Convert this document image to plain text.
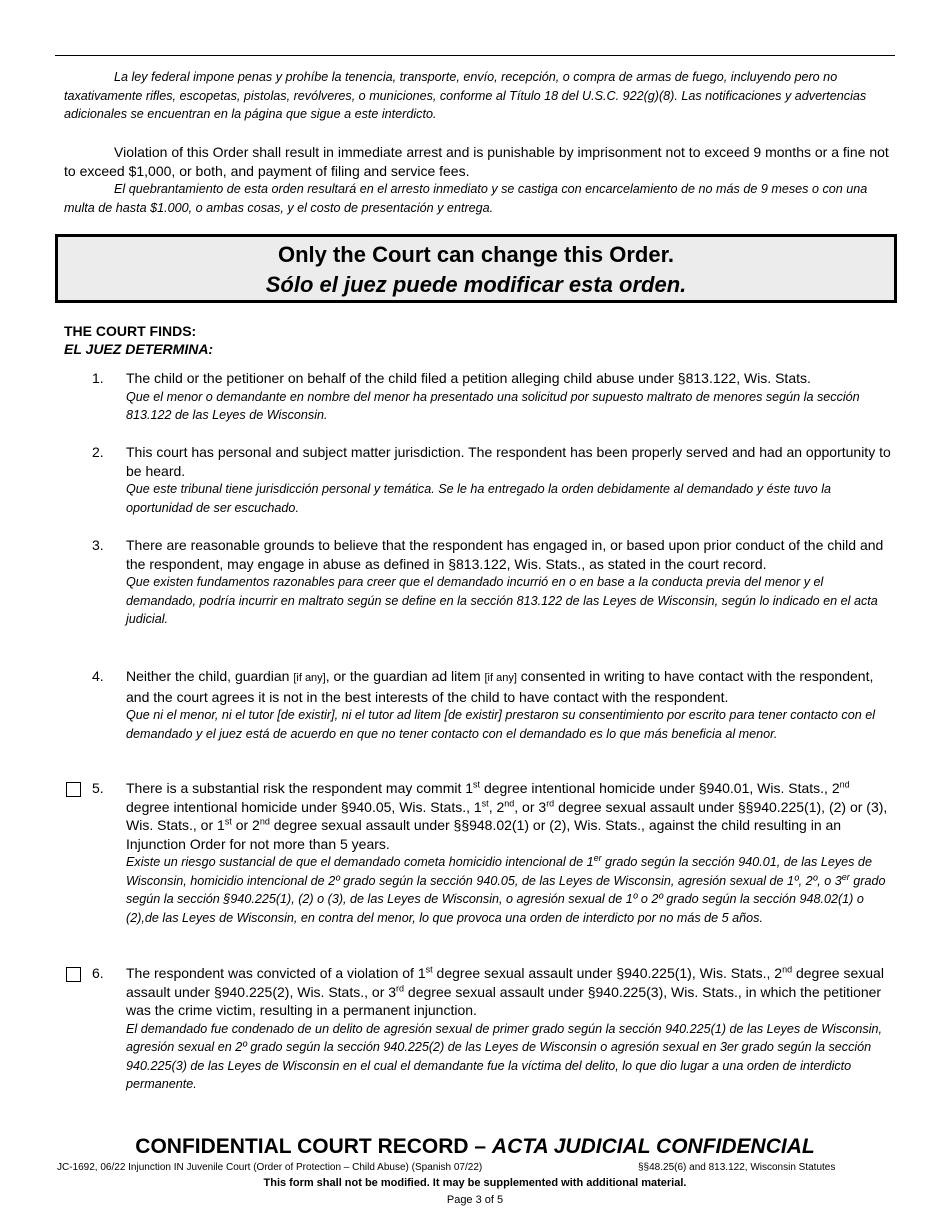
La ley federal impone penas y prohíbe la tenencia, transporte, envío, recepción, o compra de armas de fuego, incluyendo pero no taxativamente rifles, escopetas, pistolas, revólveres, o municiones, conforme al Título 18 del U.S.C. 922(g)(8). Las notificaciones y advertencias adicionales se encuentran en la página que sigue a este interdicto.
Violation of this Order shall result in immediate arrest and is punishable by imprisonment not to exceed 9 months or a fine not to exceed $1,000, or both, and payment of filing and service fees.
El quebrantamiento de esta orden resultará en el arresto inmediato y se castiga con encarcelamiento de no más de 9 meses o con una multa de hasta $1.000, o ambas cosas, y el costo de presentación y entrega.
Only the Court can change this Order.
Sólo el juez puede modificar esta orden.
THE COURT FINDS:
EL JUEZ DETERMINA:
1. The child or the petitioner on behalf of the child filed a petition alleging child abuse under §813.122, Wis. Stats.
Que el menor o demandante en nombre del menor ha presentado una solicitud por supuesto maltrato de menores según la sección 813.122 de las Leyes de Wisconsin.
2. This court has personal and subject matter jurisdiction. The respondent has been properly served and had an opportunity to be heard.
Que este tribunal tiene jurisdicción personal y temática. Se le ha entregado la orden debidamente al demandado y éste tuvo la oportunidad de ser escuchado.
3. There are reasonable grounds to believe that the respondent has engaged in, or based upon prior conduct of the child and the respondent, may engage in abuse as defined in §813.122, Wis. Stats., as stated in the court record.
Que existen fundamentos razonables para creer que el demandado incurrió en o en base a la conducta previa del menor y el demandado, podría incurrir en maltrato según se define en la sección 813.122 de las Leyes de Wisconsin, según lo indicado en el acta judicial.
4. Neither the child, guardian [if any], or the guardian ad litem [if any] consented in writing to have contact with the respondent, and the court agrees it is not in the best interests of the child to have contact with the respondent.
Que ni el menor, ni el tutor [de existir], ni el tutor ad litem [de existir] prestaron su consentimiento por escrito para tener contacto con el demandado y el juez está de acuerdo en que no tener contacto con el demandado es lo que más beneficia al menor.
5. There is a substantial risk the respondent may commit 1st degree intentional homicide under §940.01, Wis. Stats., 2nd degree intentional homicide under §940.05, Wis. Stats., 1st, 2nd, or 3rd degree sexual assault under §§940.225(1), (2) or (3), Wis. Stats., or 1st or 2nd degree sexual assault under §§948.02(1) or (2), Wis. Stats., against the child resulting in an Injunction Order for not more than 5 years.
Existe un riesgo sustancial de que el demandado cometa homicidio intencional de 1er grado según la sección 940.01, de las Leyes de Wisconsin, homicidio intencional de 2º grado según la sección 940.05, de las Leyes de Wisconsin, agresión sexual de 1º, 2º, o 3er grado según la sección §940.225(1), (2) o (3), de las Leyes de Wisconsin, o agresión sexual de 1º o 2º grado según la sección 948.02(1) o (2),de las Leyes de Wisconsin, en contra del menor, lo que provoca una orden de interdicto por no más de 5 años.
6. The respondent was convicted of a violation of 1st degree sexual assault under §940.225(1), Wis. Stats., 2nd degree sexual assault under §940.225(2), Wis. Stats., or 3rd degree sexual assault under §940.225(3), Wis. Stats., in which the petitioner was the crime victim, resulting in a permanent injunction.
El demandado fue condenado de un delito de agresión sexual de primer grado según la sección 940.225(1) de las Leyes de Wisconsin, agresión sexual en 2º grado según la sección 940.225(2) de las Leyes de Wisconsin o agresión sexual en 3er grado según la sección 940.225(3) de las Leyes de Wisconsin en el cual el demandante fue la víctima del delito, lo que dio lugar a una orden de interdicto permanente.
CONFIDENTIAL COURT RECORD – ACTA JUDICIAL CONFIDENCIAL
JC-1692, 06/22 Injunction IN Juvenile Court (Order of Protection – Child Abuse) (Spanish 07/22)	§§48.25(6) and 813.122, Wisconsin Statutes
This form shall not be modified. It may be supplemented with additional material.
Page 3 of 5
